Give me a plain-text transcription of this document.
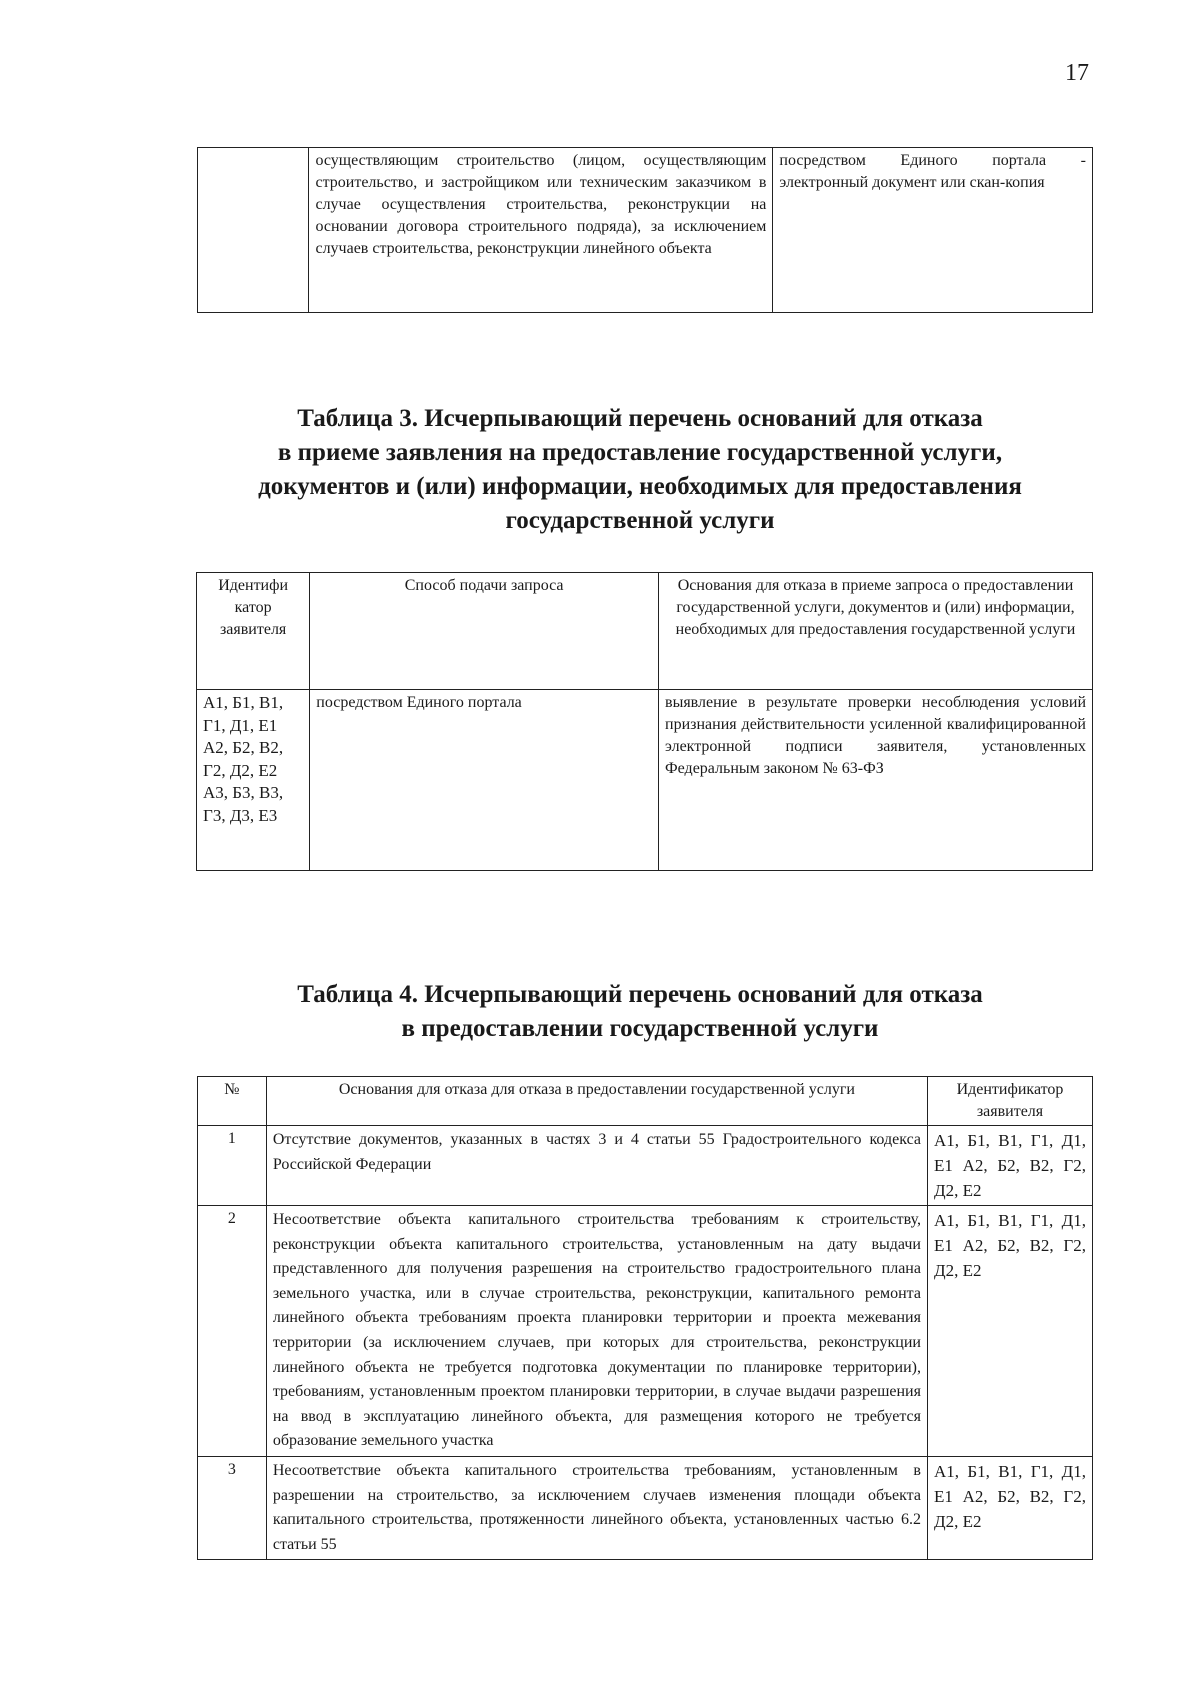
17
	осуществляющим строительство (лицом, осуществляющим строительство, и застройщиком или техническим заказчиком в случае осуществления строительства, реконструкции на основании договора строительного подряда), за исключением случаев строительства, реконструкции линейного объекта	посредством Единого портала - электронный документ или скан-копия
Таблица 3. Исчерпывающий перечень оснований для отказа
в приеме заявления на предоставление государственной услуги,
документов и (или) информации, необходимых для предоставления
государственной услуги
Идентифи катор заявителя	Способ подачи запроса	Основания для отказа в приеме запроса о предоставлении государственной услуги, документов и (или) информации, необходимых для предоставления государственной услуги
А1, Б1, В1, Г1, Д1, Е1 А2, Б2, В2, Г2, Д2, Е2 А3, Б3, В3, Г3, Д3, Е3	посредством Единого портала	выявление в результате проверки несоблюдения условий признания действительности усиленной квалифицированной электронной подписи заявителя, установленных Федеральным законом № 63-ФЗ
Таблица 4. Исчерпывающий перечень оснований для отказа
в предоставлении государственной услуги
№	Основания для отказа для отказа в предоставлении государственной услуги	Идентификатор заявителя
1	Отсутствие документов, указанных в частях 3 и 4 статьи 55 Градостроительного кодекса Российской Федерации	А1, Б1, В1, Г1, Д1, Е1 А2, Б2, В2, Г2, Д2, Е2
2	Несоответствие объекта капитального строительства требованиям к строительству, реконструкции объекта капитального строительства, установленным на дату выдачи представленного для получения разрешения на строительство градостроительного плана земельного участка, или в случае строительства, реконструкции, капитального ремонта линейного объекта требованиям проекта планировки территории и проекта межевания территории (за исключением случаев, при которых для строительства, реконструкции линейного объекта не требуется подготовка документации по планировке территории), требованиям, установленным проектом планировки территории, в случае выдачи разрешения на ввод в эксплуатацию линейного объекта, для размещения которого не требуется образование земельного участка	А1, Б1, В1, Г1, Д1, Е1 А2, Б2, В2, Г2, Д2, Е2
3	Несоответствие объекта капитального строительства требованиям, установленным в разрешении на строительство, за исключением случаев изменения площади объекта капитального строительства, протяженности линейного объекта, установленных частью 6.2 статьи 55	А1, Б1, В1, Г1, Д1, Е1 А2, Б2, В2, Г2, Д2, Е2
